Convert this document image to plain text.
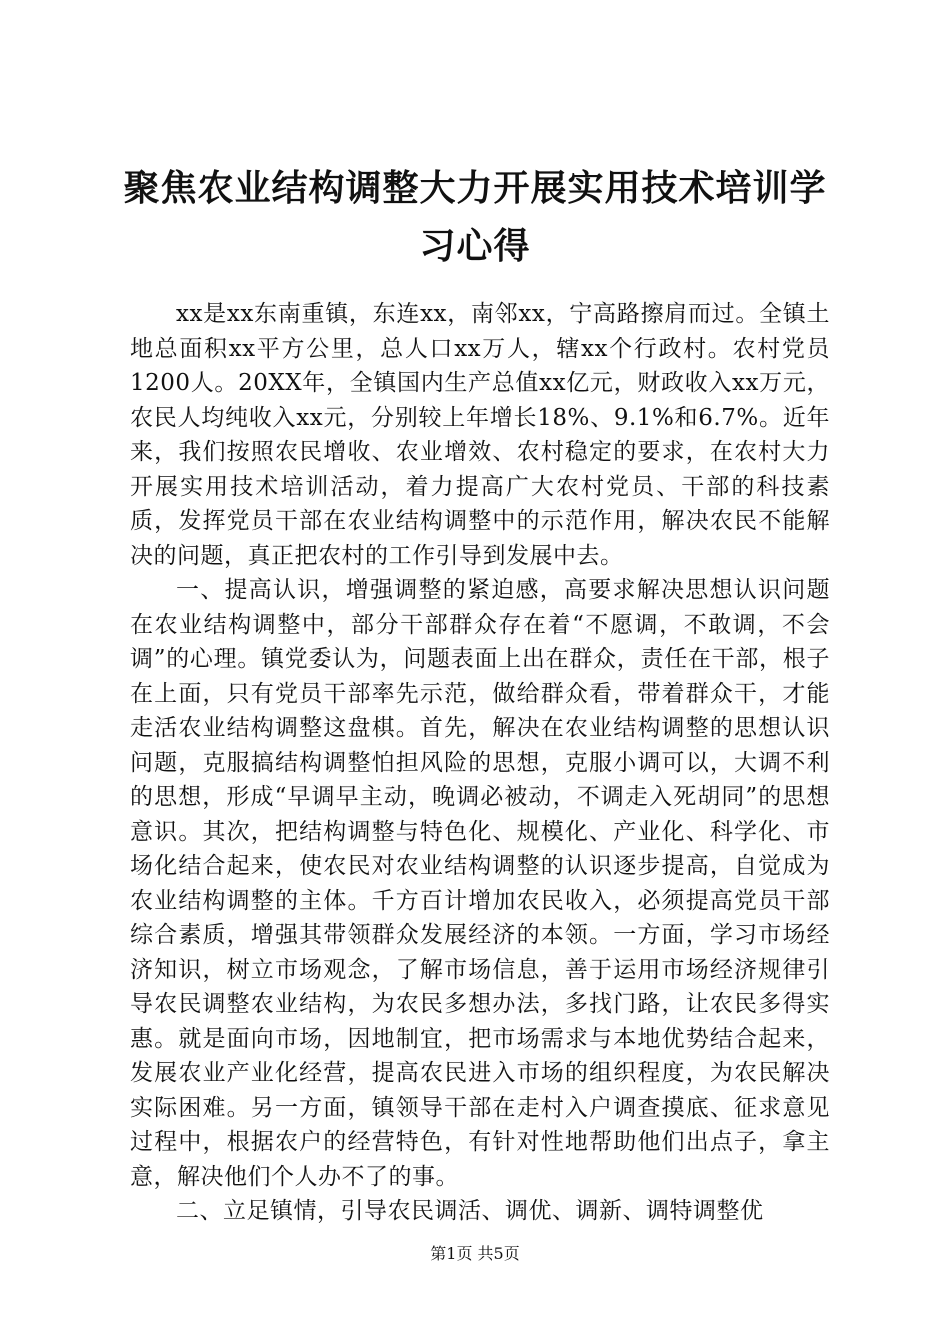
聚焦农业结构调整大力开展实用技术培训学习心得

xx是xx东南重镇，东连xx，南邻xx，宁高路擦肩而过。全镇土地总面积xx平方公里，总人口xx万人，辖xx个行政村。农村党员1200人。20XX年，全镇国内生产总值xx亿元，财政收入xx万元，农民人均纯收入xx元，分别较上年增长18%、9.1%和6.7%。近年来，我们按照农民增收、农业增效、农村稳定的要求，在农村大力开展实用技术培训活动，着力提高广大农村党员、干部的科技素质，发挥党员干部在农业结构调整中的示范作用，解决农民不能解决的问题，真正把农村的工作引导到发展中去。

一、提高认识，增强调整的紧迫感，高要求解决思想认识问题在农业结构调整中，部分干部群众存在着“不愿调，不敢调，不会调”的心理。镇党委认为，问题表面上出在群众，责任在干部，根子在上面，只有党员干部率先示范，做给群众看，带着群众干，才能走活农业结构调整这盘棋。首先，解决在农业结构调整的思想认识问题，克服搞结构调整怕担风险的思想，克服小调可以，大调不利的思想，形成“早调早主动，晚调必被动，不调走入死胡同”的思想意识。其次，把结构调整与特色化、规模化、产业化、科学化、市场化结合起来，使农民对农业结构调整的认识逐步提高，自觉成为农业结构调整的主体。千方百计增加农民收入，必须提高党员干部综合素质，增强其带领群众发展经济的本领。一方面，学习市场经济知识，树立市场观念，了解市场信息，善于运用市场经济规律引导农民调整农业结构，为农民多想办法，多找门路，让农民多得实惠。就是面向市场，因地制宜，把市场需求与本地优势结合起来，发展农业产业化经营，提高农民进入市场的组织程度，为农民解决实际困难。另一方面，镇领导干部在走村入户调查摸底、征求意见过程中，根据农户的经营特色，有针对性地帮助他们出点子，拿主意，解决他们个人办不了的事。

二、立足镇情，引导农民调活、调优、调新、调特调整优

第1页 共5页
